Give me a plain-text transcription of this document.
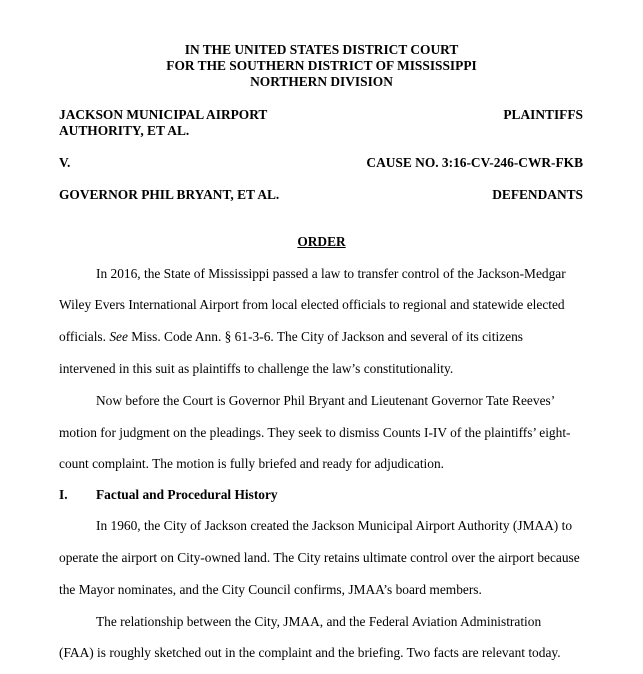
IN THE UNITED STATES DISTRICT COURT
FOR THE SOUTHERN DISTRICT OF MISSISSIPPI
NORTHERN DIVISION
JACKSON MUNICIPAL AIRPORT
AUTHORITY, ET AL.
PLAINTIFFS
V.	CAUSE NO. 3:16-CV-246-CWR-FKB
GOVERNOR PHIL BRYANT, ET AL.	DEFENDANTS
ORDER
In 2016, the State of Mississippi passed a law to transfer control of the Jackson-Medgar
Wiley Evers International Airport from local elected officials to regional and statewide elected
officials. See Miss. Code Ann. § 61-3-6. The City of Jackson and several of its citizens
intervened in this suit as plaintiffs to challenge the law’s constitutionality.
Now before the Court is Governor Phil Bryant and Lieutenant Governor Tate Reeves’
motion for judgment on the pleadings. They seek to dismiss Counts I-IV of the plaintiffs’ eight-
count complaint. The motion is fully briefed and ready for adjudication.
I. Factual and Procedural History
In 1960, the City of Jackson created the Jackson Municipal Airport Authority (JMAA) to
operate the airport on City-owned land. The City retains ultimate control over the airport because
the Mayor nominates, and the City Council confirms, JMAA’s board members.
The relationship between the City, JMAA, and the Federal Aviation Administration
(FAA) is roughly sketched out in the complaint and the briefing. Two facts are relevant today.
